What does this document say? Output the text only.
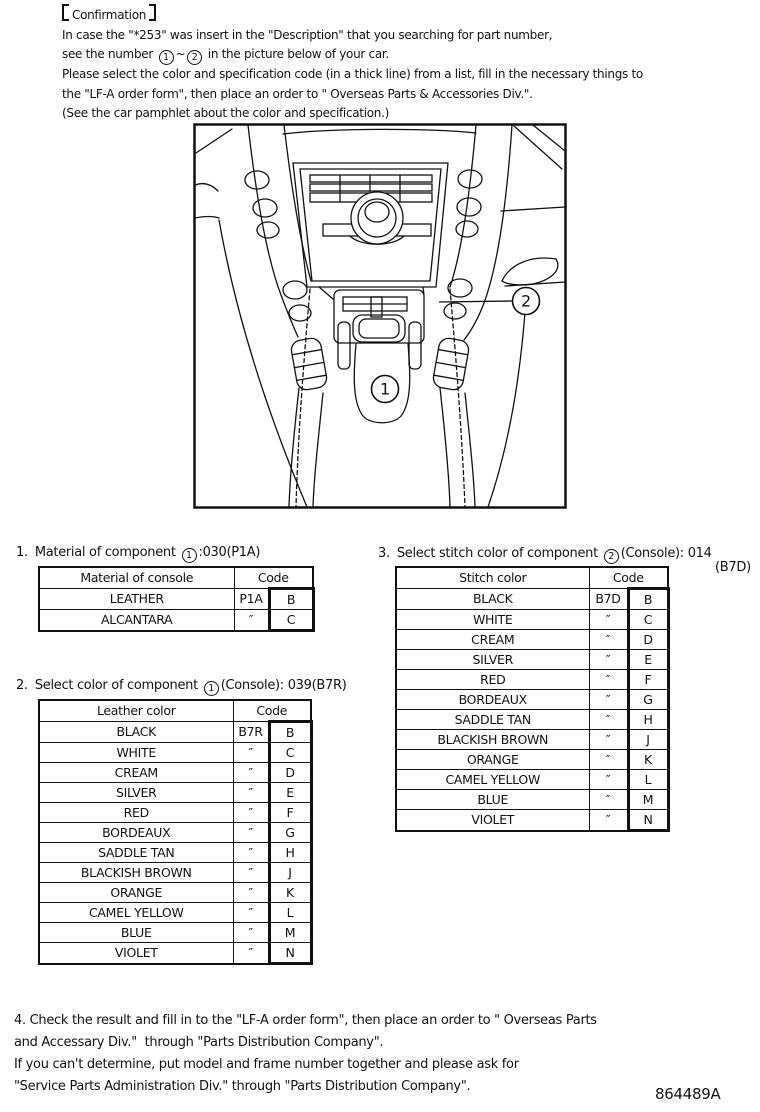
Confirmation
In case the "*253" was insert in the "Description" that you searching for part number,
see the number 1 ~ 2 in the picture below of your car.
Please select the color and specification code (in a thick line) from a list, fill in the necessary things to
the "LF-A order form", then place an order to " Overseas Parts & Accessories Div.".
(See the car pamphlet about the color and specification.)
2
1
1. Material of component 1 :030(P1A)
Material of console	Code	
LEATHER	P1A	B
ALCANTARA	″	C
2. Select color of component 1 (Console): 039(B7R)
Leather color	Code	
BLACK	B7R	B
WHITE	″	C
CREAM	″	D
SILVER	″	E
RED	″	F
BORDEAUX	″	G
SADDLE TAN	″	H
BLACKISH BROWN	″	J
ORANGE	″	K
CAMEL YELLOW	″	L
BLUE	″	M
VIOLET	″	N
3. Select stitch color of component 2 (Console): 014
(B7D)
Stitch color	Code	
BLACK	B7D	B
WHITE	″	C
CREAM	″	D
SILVER	″	E
RED	″	F
BORDEAUX	″	G
SADDLE TAN	″	H
BLACKISH BROWN	″	J
ORANGE	″	K
CAMEL YELLOW	″	L
BLUE	″	M
VIOLET	″	N
4. Check the result and fill in to the "LF-A order form", then place an order to " Overseas Parts
and Accessary Div."  through "Parts Distribution Company".
If you can't determine, put model and frame number together and please ask for
"Service Parts Administration Div." through "Parts Distribution Company".	864489A
